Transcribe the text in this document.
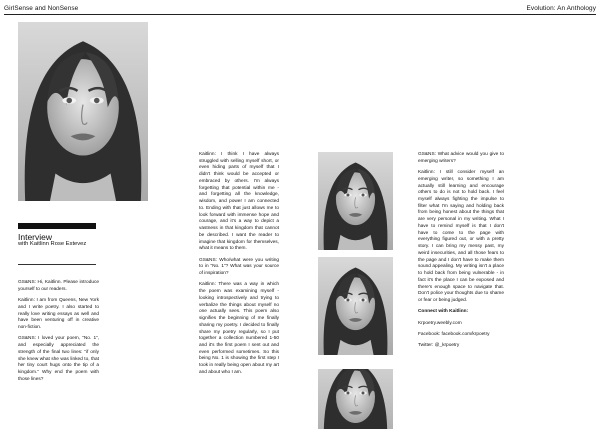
GirlSense and NonSense	Evolution: An Anthology
Interview
with Kaitlinn Rose Estevez

GS&NS: Hi, Kaitlinn. Please introduce yourself to our readers.

Kaitlinn: I am from Queens, New York and I write poetry. I also started to really love writing essays as well and have been venturing off in creative non-fiction.

GS&NS: I loved your poem, “No. 1”, and especially appreciated the strength of the final two lines: “if only she knew what she was linked to, that her tiny court hugs onto the tip of a kingdom.” Why end the poem with those lines?

Kaitlinn: I think I have always struggled with selling myself short, or even hiding parts of myself that I didn't think would be accepted or embraced by others. I'm always forgetting that potential within me - and forgetting all the knowledge, wisdom, and power I am connected to. Ending with that just allows me to look forward with immense hope and courage, and it's a way to depict a vastness in that kingdom that cannot be described. I want the reader to imagine that kingdom for themselves, what it means to them.

GS&NS: Who/what were you writing to in “No. 1”? What was your source of inspiration?

Kaitlinn: There was a way in which the poem was examining myself - looking introspectively and trying to verbalize the things about myself no one actually sees. This poem also signifies the beginning of me finally sharing my poetry. I decided to finally share my poetry regularly, so I put together a collection numbered 1-50 and it's the first poem I sent out and even performed sometimes. So this being No. 1 is showing the first step I took in really being open about my art and about who I am.

GS&NS: What advice would you give to emerging writers?

Kaitlinn: I still consider myself an emerging writer, so something I am actually still learning and encourage others to do is not to hold back. I feel myself always fighting the impulse to filter what I'm saying and holding back from being honest about the things that are very personal in my writing. What I have to remind myself is that I don't have to come to the page with everything figured out, or with a pretty story. I can bring my messy past, my weird insecurities, and all those fears to the page and I don't have to make them sound appealing. My writing isn't a place to hold back from being vulnerable - in fact it's the place I can be exposed and there's enough space to navigate that. Don't police your thoughts due to shame or fear or being judged.

Connect with Kaitlinn:

Krpoetry.weebly.com

Facebook: facebook.com/krpoetry

Twitter: @_krpoetry
